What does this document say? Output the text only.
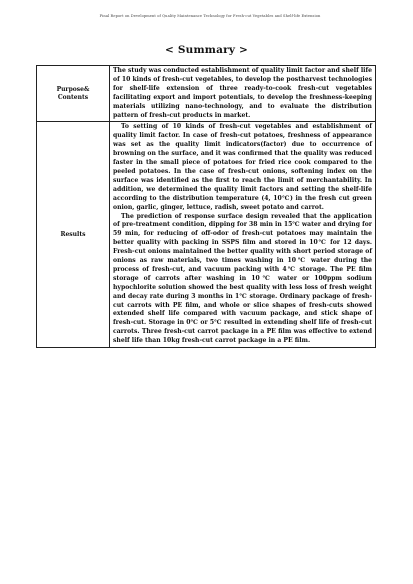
Final Report on Development of Quality Maintenance Technology for Fresh-cut Vegetables and Shelf-life Extension
< Summary >
Purpose&
Contents	The study was conducted establishment of quality limit factor and shelf life of 10 kinds of fresh-cut vegetables, to develop the postharvest technologies for shelf-life extension of three ready-to-cook fresh-cut vegetables facilitating export and import potentials, to develop the freshness-keeping materials utilizing nano-technology, and to evaluate the distribution pattern of fresh-cut products in market.

Results	To setting of 10 kinds of fresh-cut vegetables and establishment of quality limit factor. In case of fresh-cut potatoes, freshness of appearance was set as the quality limit indicators(factor) due to occurrence of browning on the surface, and it was confirmed that the quality was reduced faster in the small piece of potatoes for fried rice cook compared to the peeled potatoes. In the case of fresh-cut onions, softening index on the surface was identified as the first to reach the limit of merchantability. In addition, we determined the quality limit factors and setting the shelf-life according to the distribution temperature (4, 10℃) in the fresh cut green onion, garlic, ginger, lettuce, radish, sweet potato and carrot.

The prediction of response surface design revealed that the application of pre-treatment condition, dipping for 38 min in 15℃ water and drying for 59 min, for reducing of off-odor of fresh-cut potatoes may maintain the better quality with packing in SSPS film and stored in 10℃ for 12 days. Fresh-cut onions maintained the better quality with short period storage of onions as raw materials, two times washing in 10℃ water during the process of fresh-cut, and vacuum packing with 4℃ storage. The PE film storage of carrots after washing in 10℃ water or 100ppm sodium hypochlorite solution showed the best quality with less loss of fresh weight and decay rate during 3 months in 1℃ storage. Ordinary package of fresh-cut carrots with PE film, and whole or slice shapes of fresh-cuts showed extended shelf life compared with vacuum package, and stick shape of fresh-cut. Storage in 0℃ or 5℃ resulted in extending shelf life of fresh-cut carrots. Three fresh-cut carrot package in a PE film was effective to extend shelf life than 10kg fresh-cut carrot package in a PE film.
